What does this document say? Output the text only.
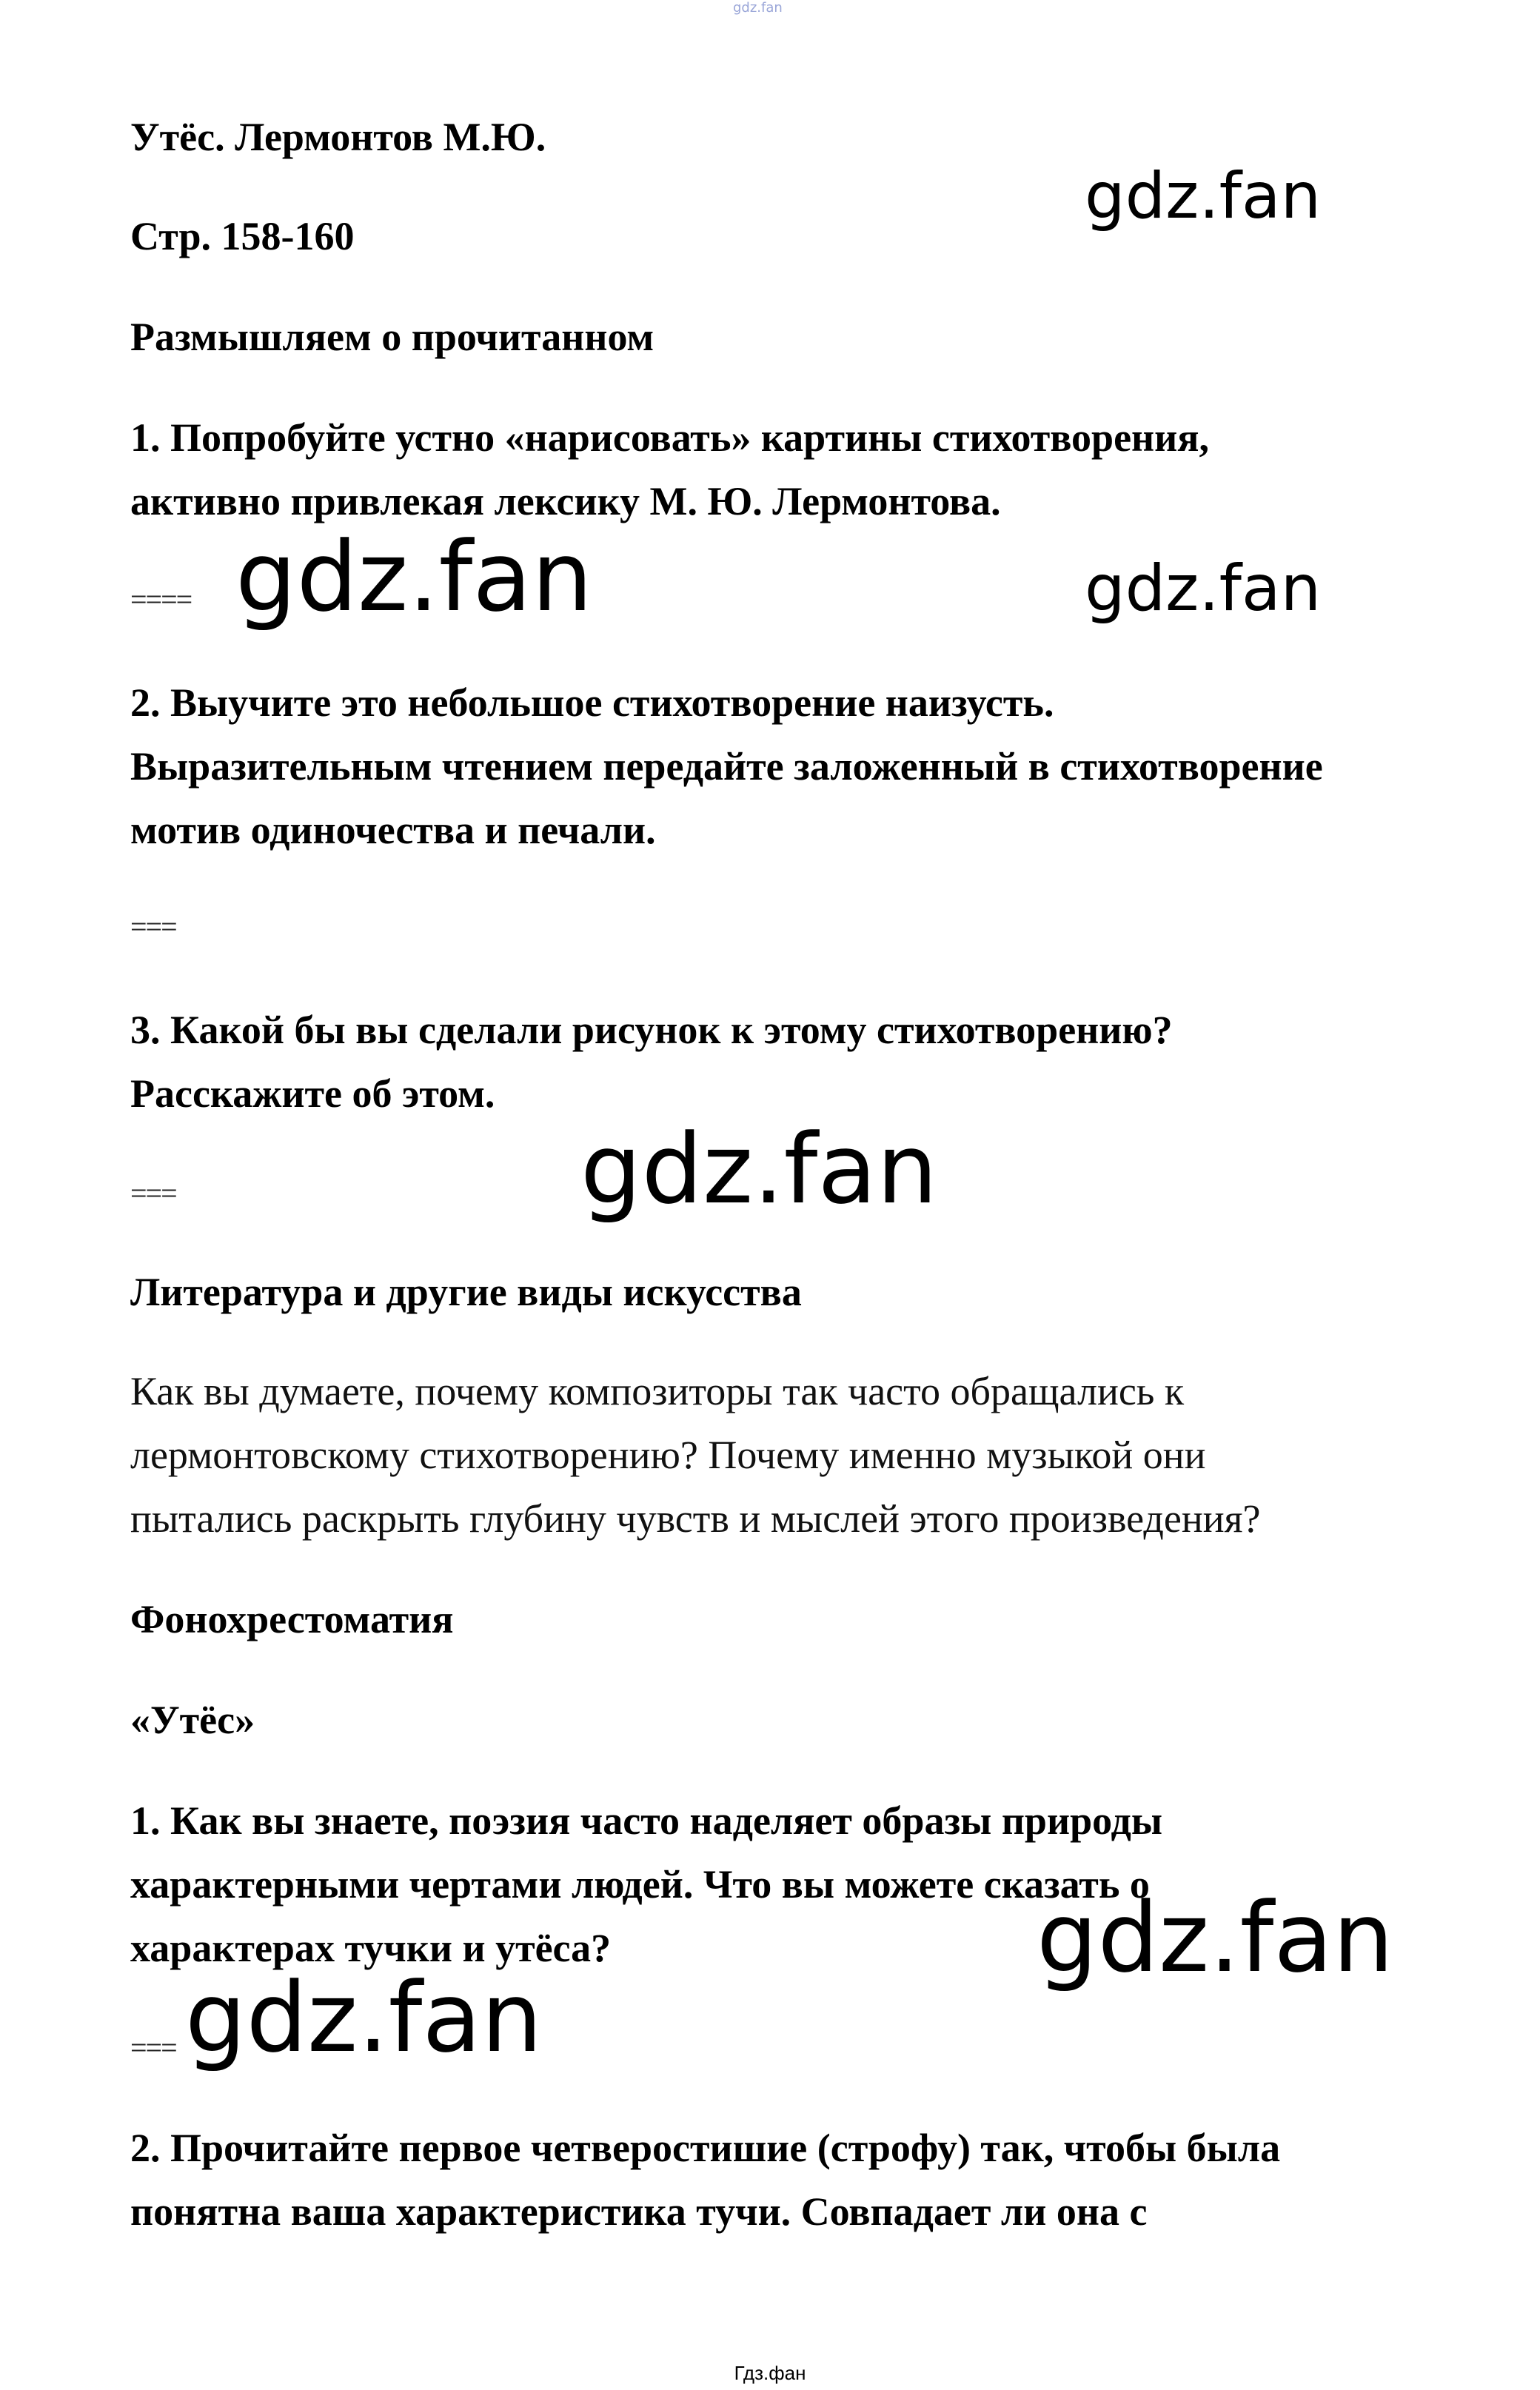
gdz.fan
Утёс. Лермонтов М.Ю.
Стр. 158-160
Размышляем о прочитанном
1. Попробуйте устно «нарисовать» картины стихотворения,
активно привлекая лексику М. Ю. Лермонтова.
====
2. Выучите это небольшое стихотворение наизусть.
Выразительным чтением передайте заложенный в стихотворение
мотив одиночества и печали.
===
3. Какой бы вы сделали рисунок к этому стихотворению?
Расскажите об этом.
===
Литература и другие виды искусства
Как вы думаете, почему композиторы так часто обращались к
лермонтовскому стихотворению? Почему именно музыкой они
пытались раскрыть глубину чувств и мыслей этого произведения?
Фонохрестоматия
«Утёс»
1. Как вы знаете, поэзия часто наделяет образы природы
характерными чертами людей. Что вы можете сказать о
характерах тучки и утёса?
===
2. Прочитайте первое четверостишие (строфу) так, чтобы была
понятна ваша характеристика тучи. Совпадает ли она с
gdz.fan
gdz.fan	gdz.fan
gdz.fan
gdz.fan
gdz.fan
Гдз.фан
